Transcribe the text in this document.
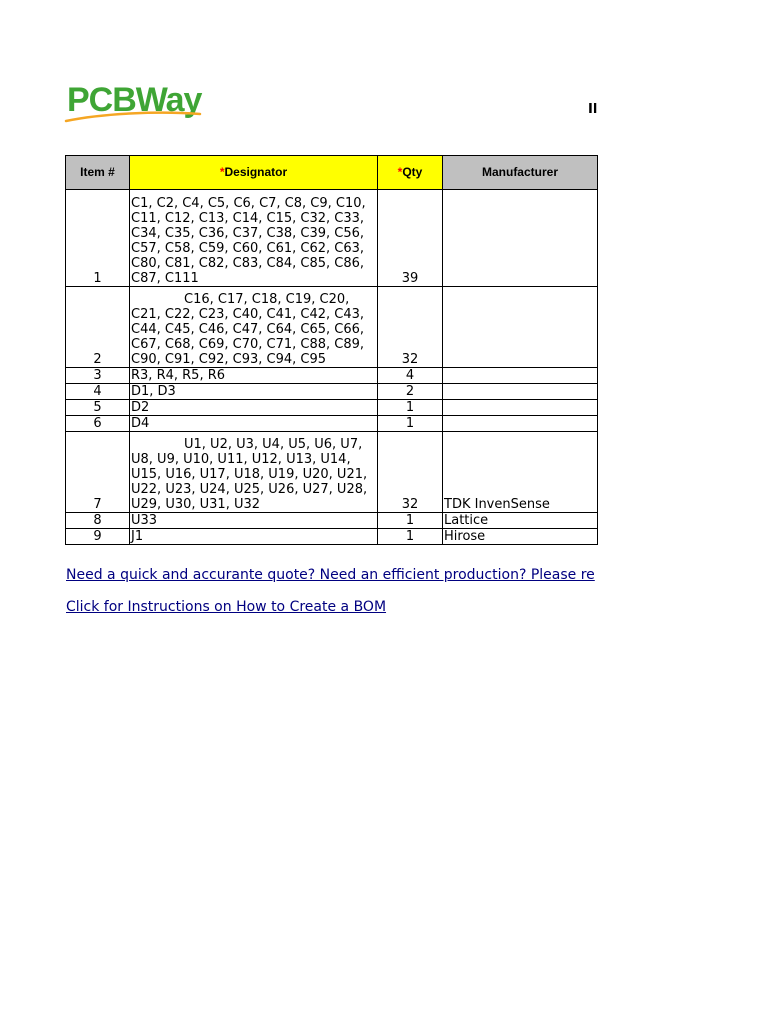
PCBWay	Il
Item #	*Designator	*Qty	Manufacturer
1	C1, C2, C4, C5, C6, C7, C8, C9, C10, C11, C12, C13, C14, C15, C32, C33, C34, C35, C36, C37, C38, C39, C56, C57, C58, C59, C60, C61, C62, C63, C80, C81, C82, C83, C84, C85, C86, C87, C111	39	
2	C16, C17, C18, C19, C20, C21, C22, C23, C40, C41, C42, C43, C44, C45, C46, C47, C64, C65, C66, C67, C68, C69, C70, C71, C88, C89, C90, C91, C92, C93, C94, C95	32	
3	R3, R4, R5, R6	4	
4	D1, D3	2	
5	D2	1	
6	D4	1	
7	U1, U2, U3, U4, U5, U6, U7, U8, U9, U10, U11, U12, U13, U14, U15, U16, U17, U18, U19, U20, U21, U22, U23, U24, U25, U26, U27, U28, U29, U30, U31, U32	32	TDK InvenSense
8	U33	1	Lattice
9	J1	1	Hirose
Need a quick and accurante quote? Need an efficient production? Please re
Click for Instructions on How to Create a BOM
